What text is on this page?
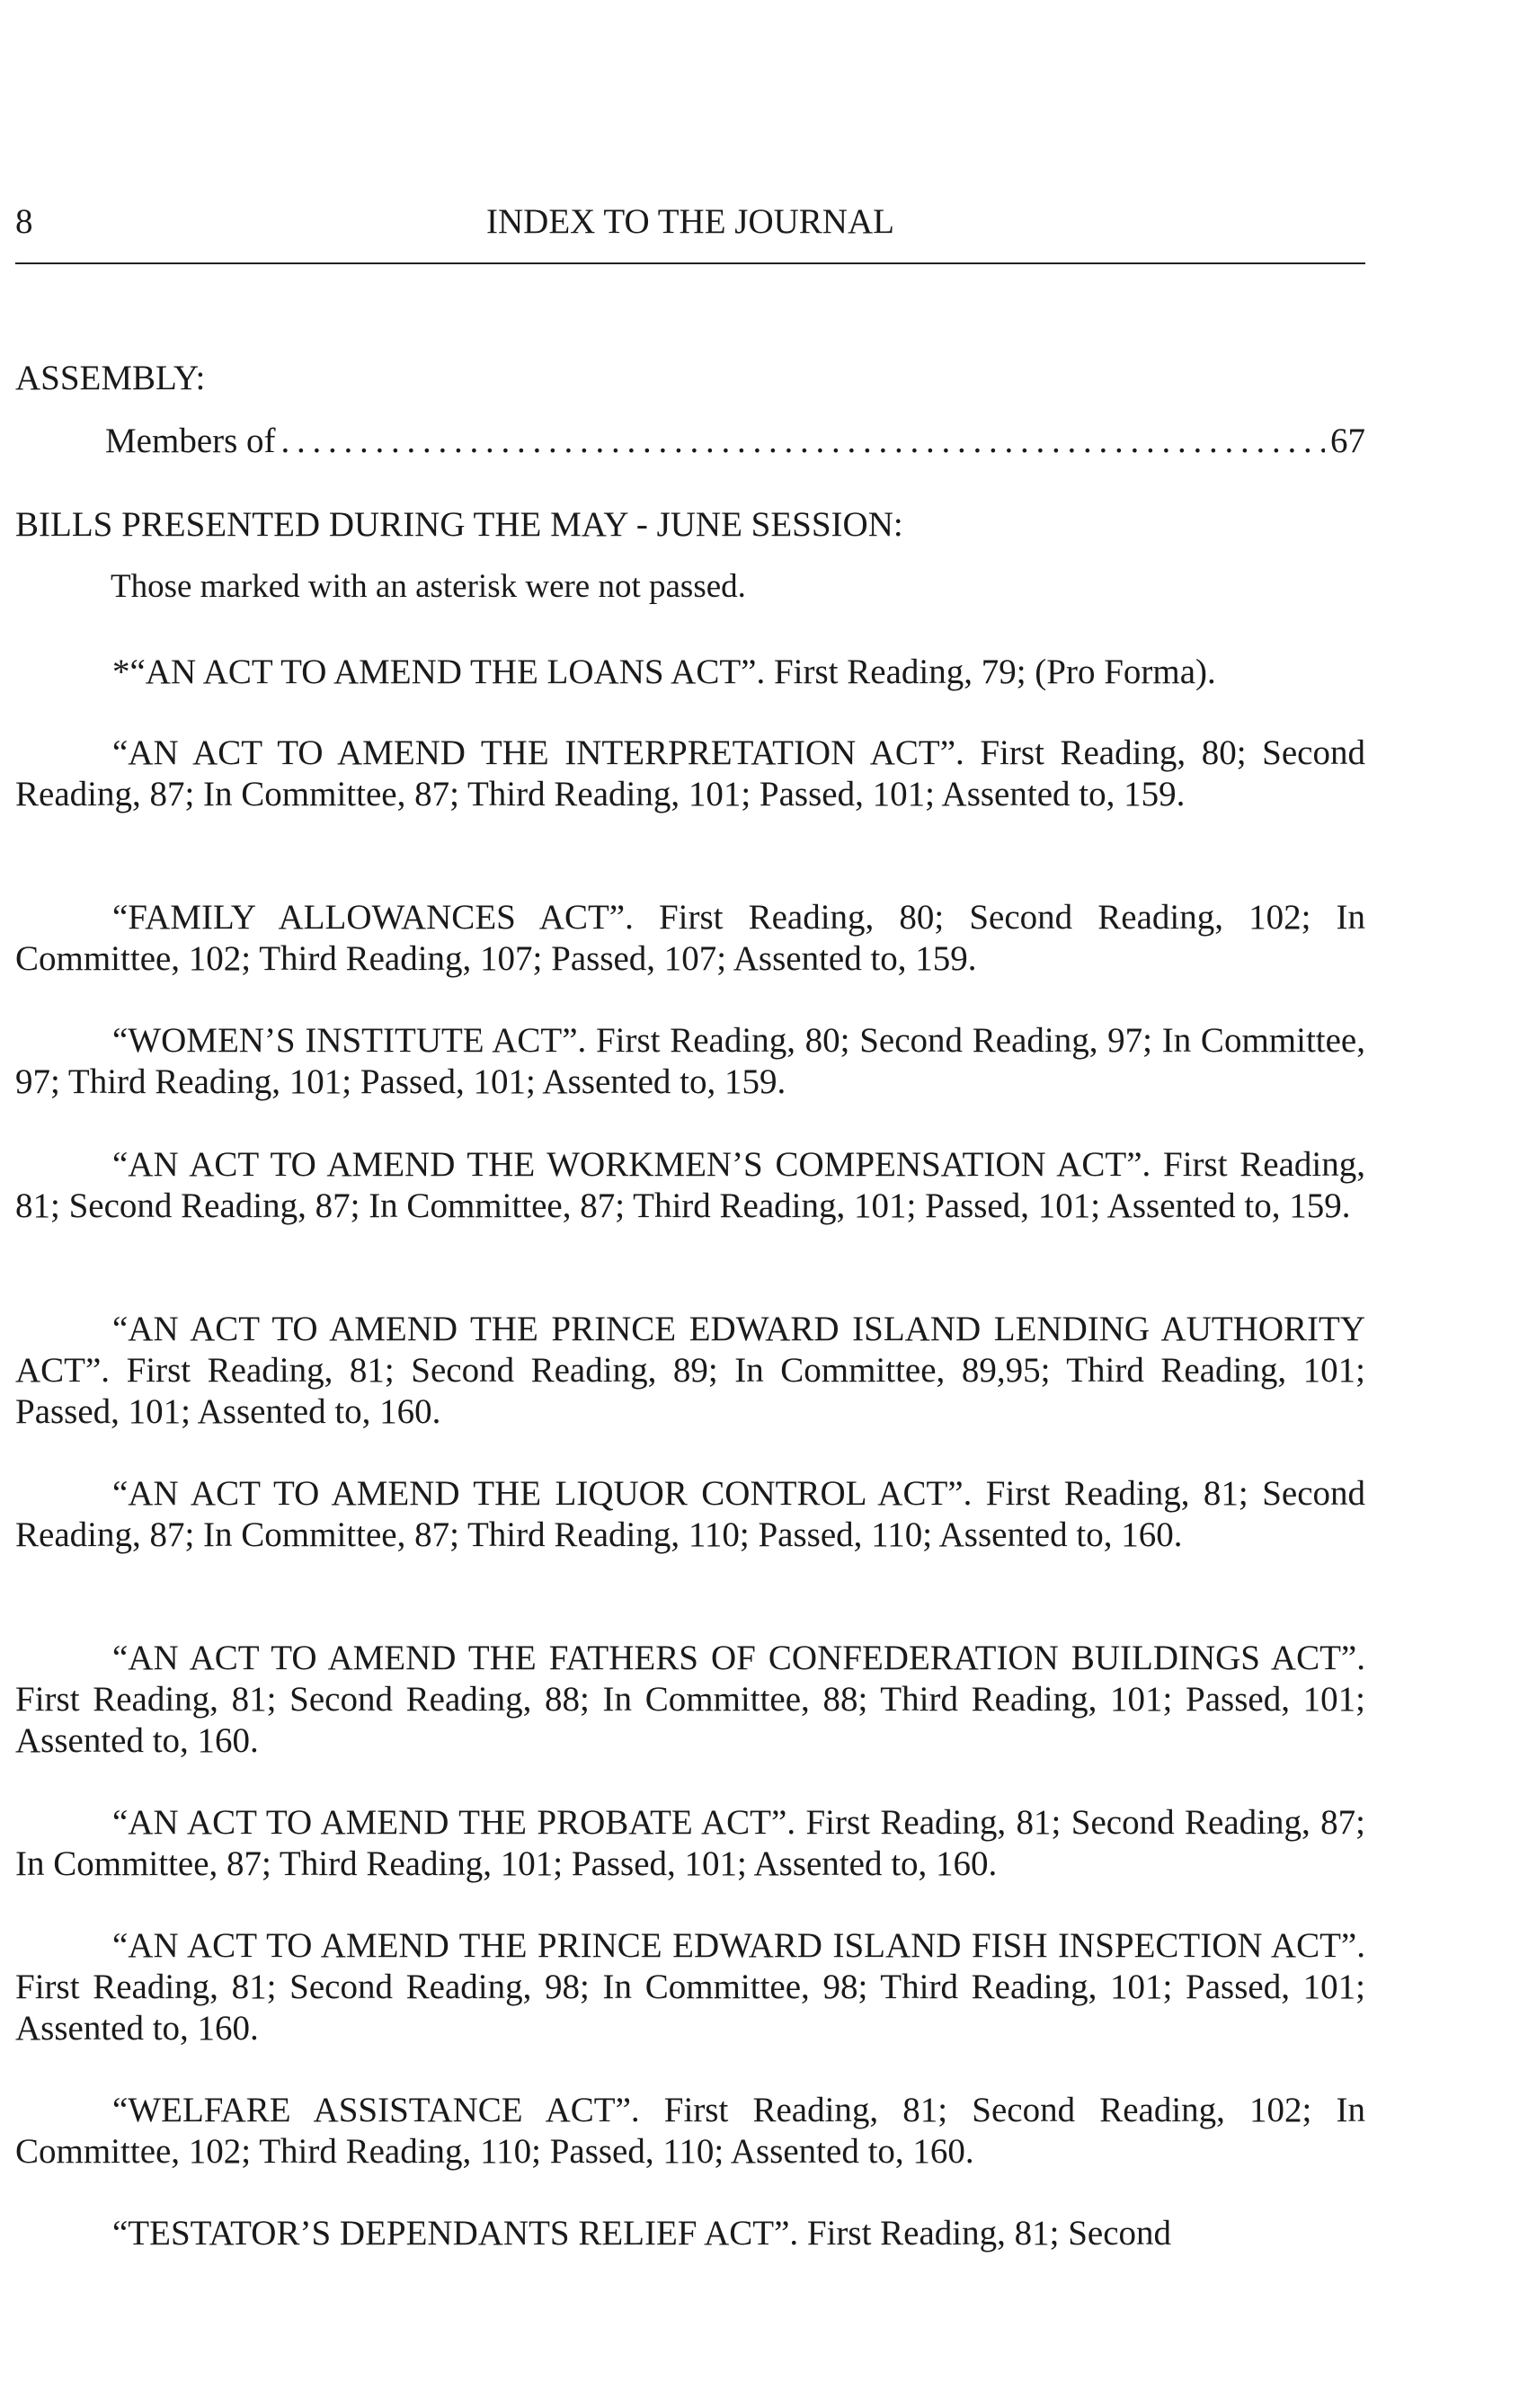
8	INDEX TO THE JOURNAL
ASSEMBLY:
Members of
. . .	67
BILLS PRESENTED DURING THE MAY - JUNE SESSION:
Those marked with an asterisk were not passed.

*“AN ACT TO AMEND THE LOANS ACT”. First Reading, 79; (Pro Forma).

“AN ACT TO AMEND THE INTERPRETATION ACT”. First Reading, 80; Second Reading, 87; In Committee, 87; Third Reading, 101; Passed, 101; Assented to, 159.

“FAMILY ALLOWANCES ACT”. First Reading, 80; Second Reading, 102; In Committee, 102; Third Reading, 107; Passed, 107; Assented to, 159.

“WOMEN’S INSTITUTE ACT”. First Reading, 80; Second Reading, 97; In Committee, 97; Third Reading, 101; Passed, 101; Assented to, 159.

“AN ACT TO AMEND THE WORKMEN’S COMPENSATION ACT”. First Reading, 81; Second Reading, 87; In Committee, 87; Third Reading, 101; Passed, 101; Assented to, 159.

“AN ACT TO AMEND THE PRINCE EDWARD ISLAND LENDING AUTHORITY ACT”. First Reading, 81; Second Reading, 89; In Committee, 89,95; Third Reading, 101; Passed, 101; Assented to, 160.

“AN ACT TO AMEND THE LIQUOR CONTROL ACT”. First Reading, 81; Second Reading, 87; In Committee, 87; Third Reading, 110; Passed, 110; Assented to, 160.

“AN ACT TO AMEND THE FATHERS OF CONFEDERATION BUILDINGS ACT”. First Reading, 81; Second Reading, 88; In Committee, 88; Third Reading, 101; Passed, 101; Assented to, 160.

“AN ACT TO AMEND THE PROBATE ACT”. First Reading, 81; Second Reading, 87; In Committee, 87; Third Reading, 101; Passed, 101; Assented to, 160.

“AN ACT TO AMEND THE PRINCE EDWARD ISLAND FISH INSPECTION ACT”. First Reading, 81; Second Reading, 98; In Committee, 98; Third Reading, 101; Passed, 101; Assented to, 160.

“WELFARE ASSISTANCE ACT”. First Reading, 81; Second Reading, 102; In Committee, 102; Third Reading, 110; Passed, 110; Assented to, 160.

“TESTATOR’S DEPENDANTS RELIEF ACT”. First Reading, 81; Second
